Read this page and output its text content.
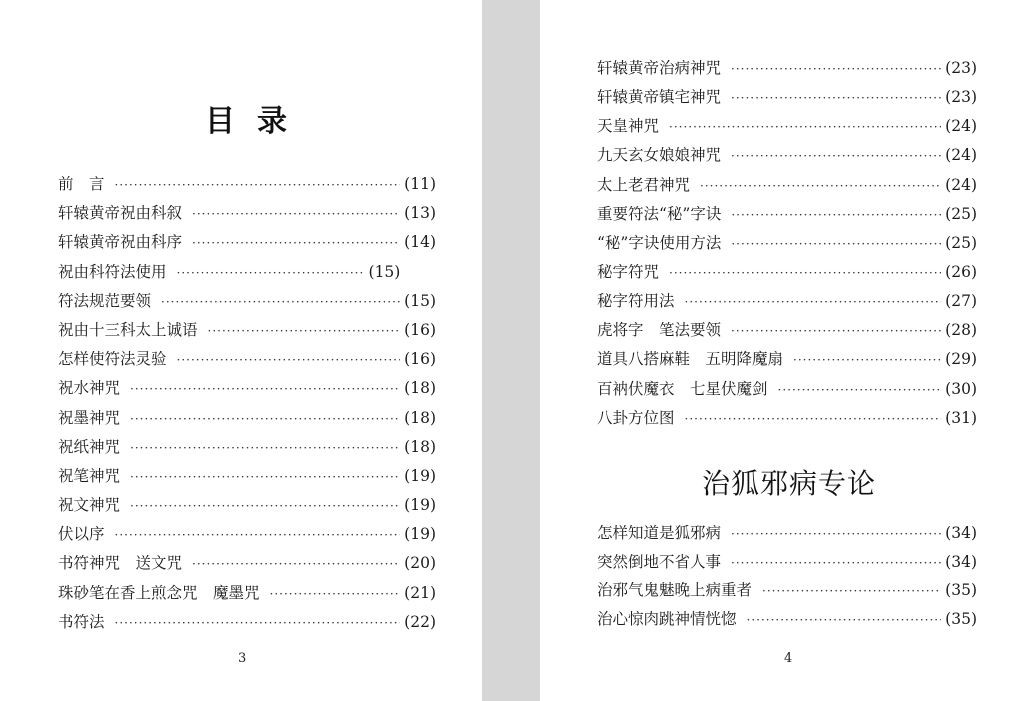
目录
前　言 ·····	(11)
轩辕黄帝祝由科叙 ·····	(13)
轩辕黄帝祝由科序 ·····	(14)
祝由科符法使用 ·····	(15)
符法规范要领 ·····	(15)
祝由十三科太上诚语 ·····	(16)
怎样使符法灵验 ·····	(16)
祝水神咒 ·····	(18)
祝墨神咒 ·····	(18)
祝纸神咒 ·····	(18)
祝笔神咒 ·····	(19)
祝文神咒 ·····	(19)
伏以序 ·····	(19)
书符神咒　送文咒 ·····	(20)
珠砂笔在香上煎念咒　魔墨咒 ·····	(21)
书符法 ·····	(22)
3
轩辕黄帝治病神咒 ·····	(23)
轩辕黄帝镇宅神咒 ·····	(23)
天皇神咒 ·····	(24)
九天玄女娘娘神咒 ·····	(24)
太上老君神咒 ·····	(24)
重要符法“秘”字诀 ·····	(25)
“秘”字诀使用方法 ·····	(25)
秘字符咒 ·····	(26)
秘字符用法 ·····	(27)
虎将字　笔法要领 ·····	(28)
道具八搭麻鞋　五明降魔扇 ·····	(29)
百衲伏魔衣　七星伏魔剑 ·····	(30)
八卦方位图 ·····	(31)
治狐邪病专论
怎样知道是狐邪病 ·····	(34)
突然倒地不省人事 ·····	(34)
治邪气鬼魅晚上病重者 ·····	(35)
治心惊肉跳神情恍惚 ·····	(35)
4
